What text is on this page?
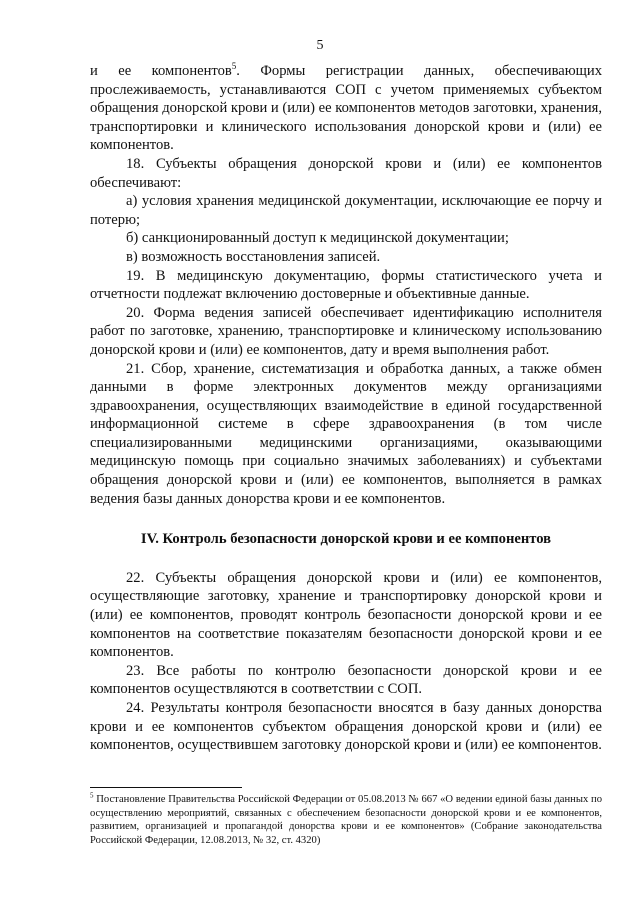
5

и ее компонентов$^5$. Формы регистрации данных, обеспечивающих прослеживаемость, устанавливаются СОП с учетом применяемых субъектом обращения донорской крови и (или) ее компонентов методов заготовки, хранения, транспортировки и клинического использования донорской крови и (или) ее компонентов.

18. Субъекты обращения донорской крови и (или) ее компонентов обеспечивают:

а) условия хранения медицинской документации, исключающие ее порчу и потерю;

б) санкционированный доступ к медицинской документации;

в) возможность восстановления записей.

19. В медицинскую документацию, формы статистического учета и отчетности подлежат включению достоверные и объективные данные.

20. Форма ведения записей обеспечивает идентификацию исполнителя работ по заготовке, хранению, транспортировке и клиническому использованию донорской крови и (или) ее компонентов, дату и время выполнения работ.

21. Сбор, хранение, систематизация и обработка данных, а также обмен данными в форме электронных документов между организациями здравоохранения, осуществляющих взаимодействие в единой государственной информационной системе в сфере здравоохранения (в том числе специализированными медицинскими организациями, оказывающими медицинскую помощь при социально значимых заболеваниях) и субъектами обращения донорской крови и (или) ее компонентов, выполняется в рамках ведения базы данных донорства крови и ее компонентов.

IV. Контроль безопасности донорской крови и ее компонентов

22. Субъекты обращения донорской крови и (или) ее компонентов, осуществляющие заготовку, хранение и транспортировку донорской крови и (или) ее компонентов, проводят контроль безопасности донорской крови и ее компонентов на соответствие показателям безопасности донорской крови и ее компонентов.

23. Все работы по контролю безопасности донорской крови и ее компонентов осуществляются в соответствии с СОП.

24. Результаты контроля безопасности вносятся в базу данных донорства крови и ее компонентов субъектом обращения донорской крови и (или) ее компонентов, осуществившем заготовку донорской крови и (или) ее компонентов.

$^5$ Постановление Правительства Российской Федерации от 05.08.2013 № 667 «О ведении единой базы данных по осуществлению мероприятий, связанных с обеспечением безопасности донорской крови и ее компонентов, развитием, организацией и пропагандой донорства крови и ее компонентов» (Собрание законодательства Российской Федерации, 12.08.2013, № 32, ст. 4320)
